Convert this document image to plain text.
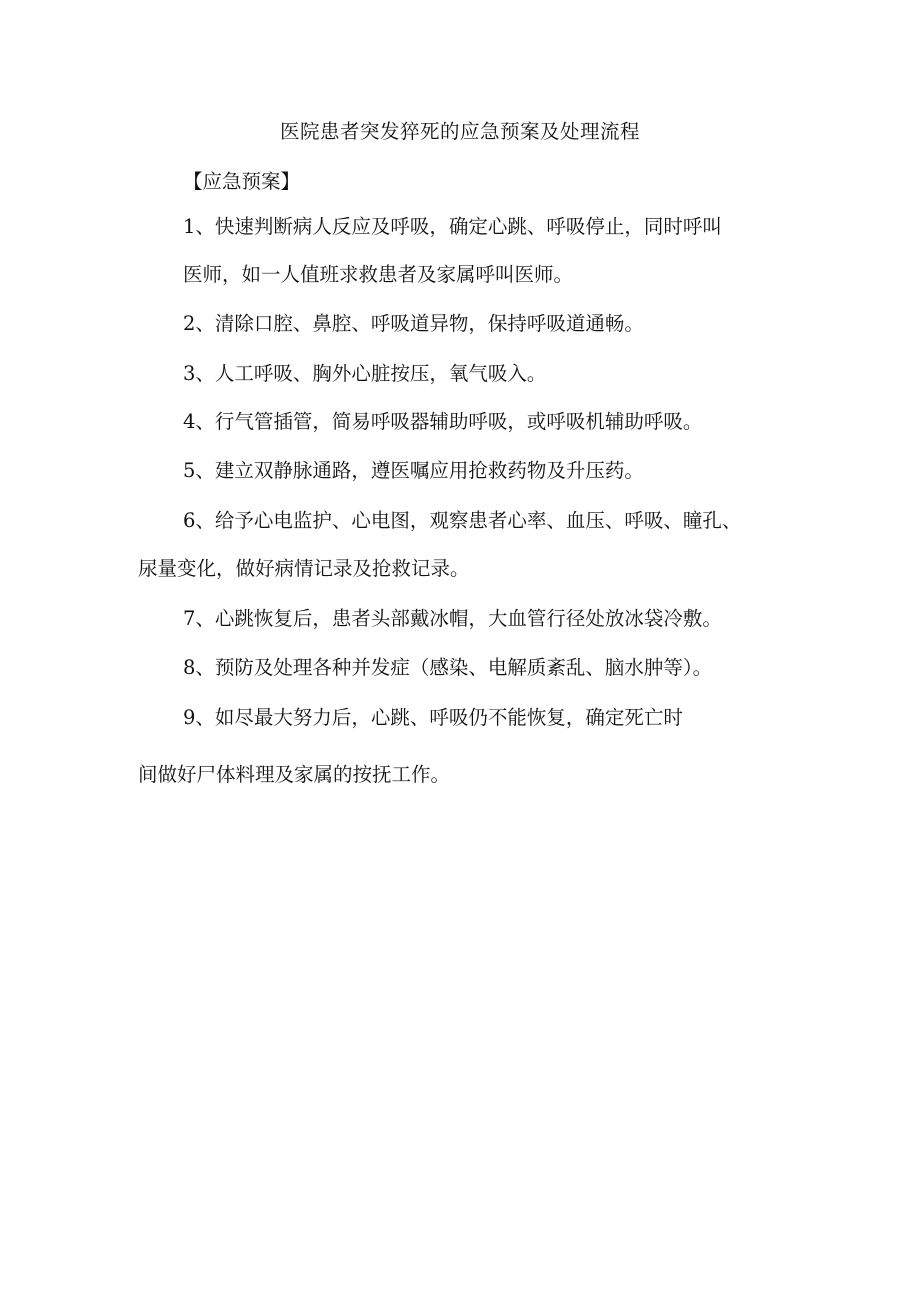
医院患者突发猝死的应急预案及处理流程
【应急预案】
1、快速判断病人反应及呼吸，确定心跳、呼吸停止，同时呼叫
医师，如一人值班求救患者及家属呼叫医师。
2、清除口腔、鼻腔、呼吸道异物，保持呼吸道通畅。
3、人工呼吸、胸外心脏按压，氧气吸入。
4、行气管插管，简易呼吸器辅助呼吸，或呼吸机辅助呼吸。
5、建立双静脉通路，遵医嘱应用抢救药物及升压药。
6、给予心电监护、心电图，观察患者心率、血压、呼吸、瞳孔、
尿量变化，做好病情记录及抢救记录。
7、心跳恢复后，患者头部戴冰帽，大血管行径处放冰袋冷敷。
8、预防及处理各种并发症（感染、电解质紊乱、脑水肿等）。
9、如尽最大努力后，心跳、呼吸仍不能恢复，确定死亡时
间做好尸体料理及家属的按抚工作。
